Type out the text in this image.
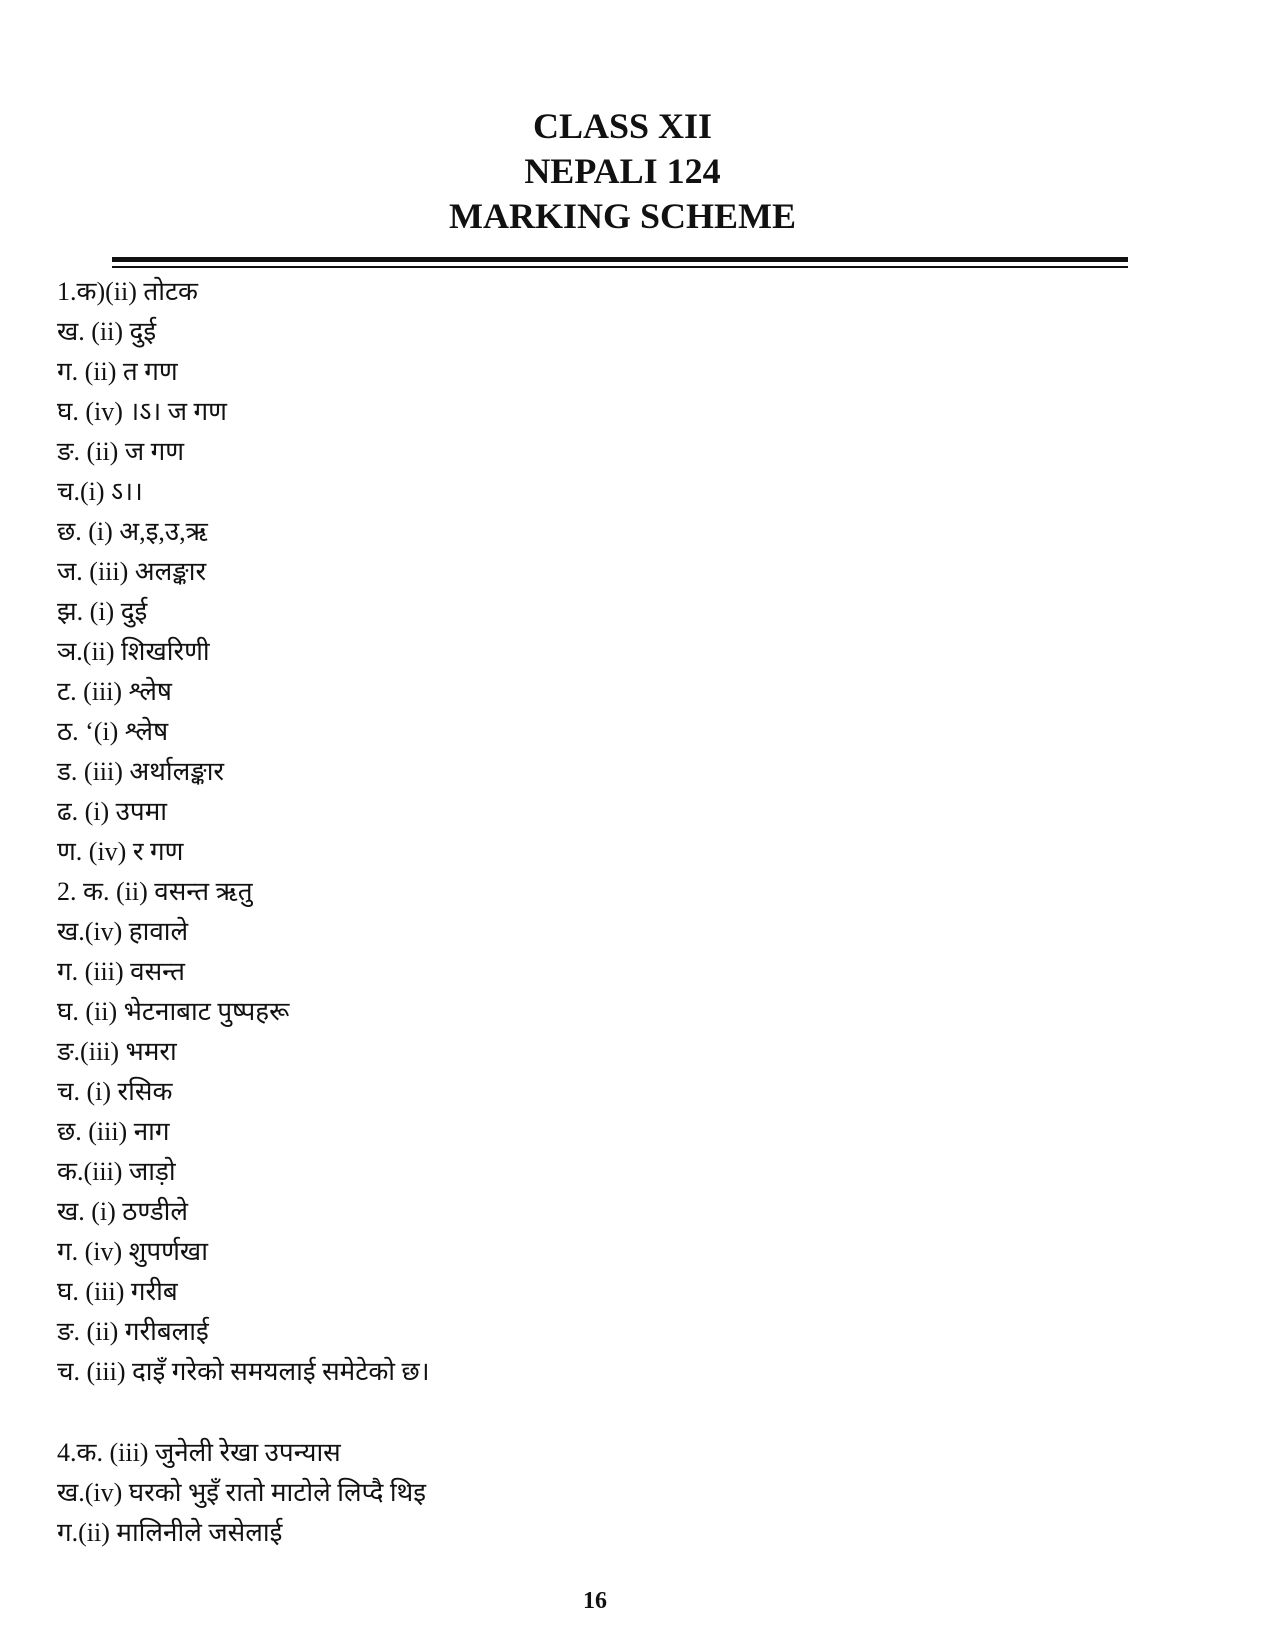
CLASS XII
NEPALI 124
MARKING SCHEME
1.क)(ii) तोटक
ख. (ii) दुई
ग. (ii) त गण
घ. (iv) ।ऽ। ज गण
ङ. (ii) ज गण
च.(i) ऽ।।
छ. (i) अ,इ,उ,ऋ
ज. (iii) अलङ्कार
झ. (i) दुई
ञ.(ii) शिखरिणी
ट. (iii) श्लेष
ठ. ‘(i) श्लेष
ड. (iii) अर्थालङ्कार
ढ. (i) उपमा
ण. (iv) र गण
2. क. (ii) वसन्त ऋतु
ख.(iv) हावाले
ग. (iii) वसन्त
घ. (ii) भेटनाबाट पुष्पहरू
ङ.(iii) भमरा
च. (i) रसिक
छ. (iii) नाग
क.(iii) जाड़ो
ख. (i) ठण्डीले
ग. (iv) शुपर्णखा
घ. (iii) गरीब
ङ. (ii) गरीबलाई
च. (iii) दाइँ गरेको समयलाई समेटेको छ।
4.क. (iii) जुनेली रेखा उपन्यास
ख.(iv) घरको भुइँ रातो माटोले लिप्दै थिइ
ग.(ii) मालिनीले जसेलाई
16
